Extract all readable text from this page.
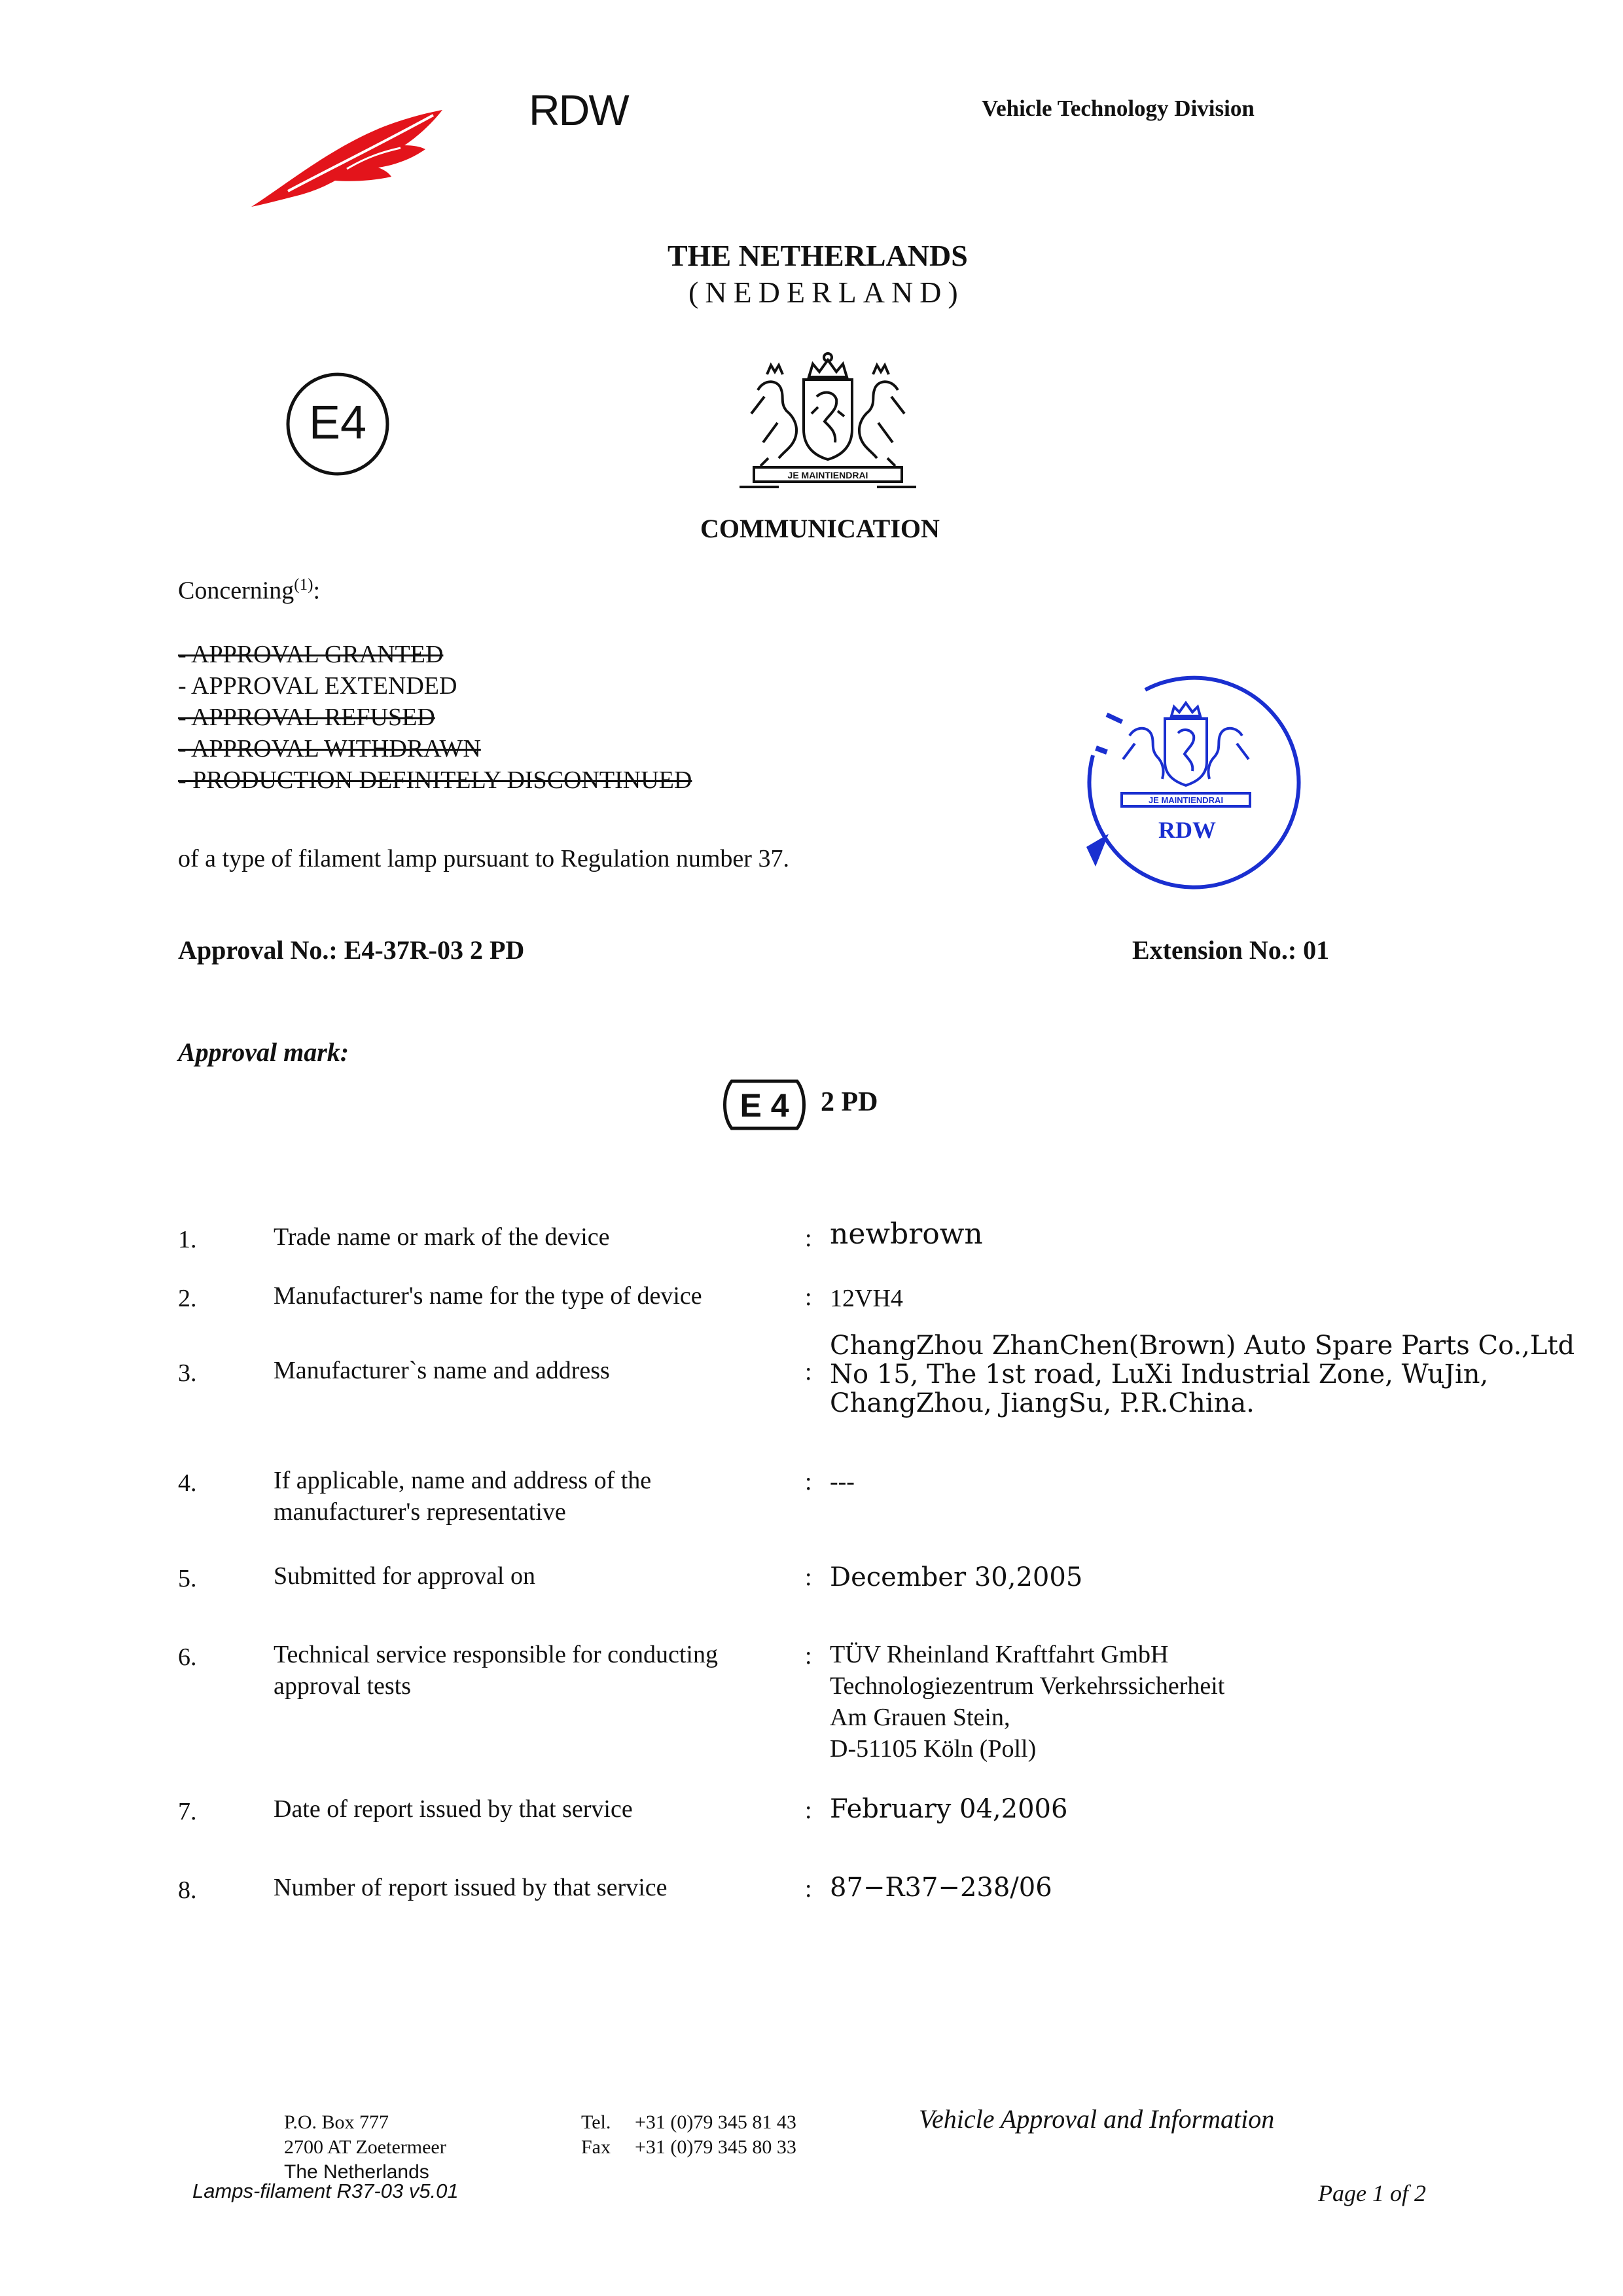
RDW	Vehicle Technology Division
THE NETHERLANDS
(NEDERLAND)
E4
JE MAINTIENDRAI
COMMUNICATION
Concerning$^{(1)}$:
- APPROVAL GRANTED
- APPROVAL EXTENDED
- APPROVAL REFUSED
- APPROVAL WITHDRAWN
- PRODUCTION DEFINITELY DISCONTINUED
JE MAINTIENDRAI
RDW
of a type of filament lamp pursuant to Regulation number 37.
Approval No.: E4-37R-03 2 PD	Extension No.: 01
Approval mark:
E 4 2 PD
1.	Trade name or mark of the device	: newbrown
2.	Manufacturer's name for the type of device	: 12VH4
3.	Manufacturer`s name and address	:
ChangZhou ZhanChen(Brown) Auto Spare Parts Co.,Ltd
No 15, The 1st road, LuXi Industrial Zone, WuJin,
ChangZhou, JiangSu, P.R.China.
4.	If applicable, name and address of the
manufacturer's representative
: ---
5.	Submitted for approval on	: December 30,2005
6.	Technical service responsible for conducting
approval tests
: TÜV Rheinland Kraftfahrt GmbH
Technologiezentrum Verkehrssicherheit
Am Grauen Stein,
D-51105 Köln (Poll)
7.	Date of report issued by that service	: February 04,2006
8.	Number of report issued by that service	: 87−R37−238/06
P.O. Box 777
2700 AT Zoetermeer
The Netherlands
Tel. +31 (0)79 345 81 43
Fax +31 (0)79 345 80 33
Vehicle Approval and Information
Lamps-filament R37-03 v5.01	Page 1 of 2
